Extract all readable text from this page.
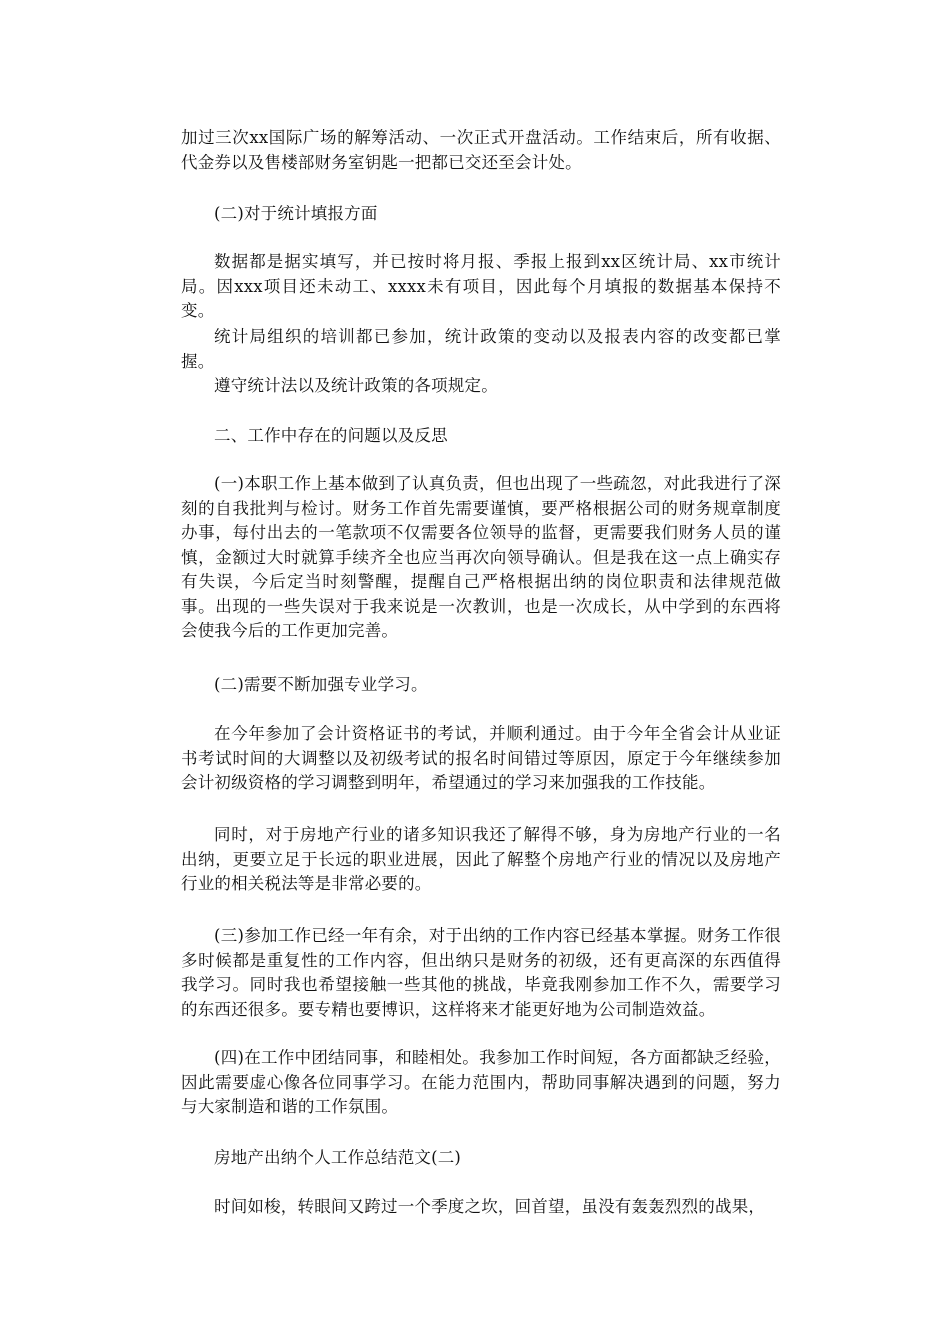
加过三次xx国际广场的解筹活动、一次正式开盘活动。工作结束后，所有收据、代金券以及售楼部财务室钥匙一把都已交还至会计处。

(二)对于统计填报方面

数据都是据实填写，并已按时将月报、季报上报到xx区统计局、xx市统计局。因xxx项目还未动工、xxxx未有项目，因此每个月填报的数据基本保持不变。

统计局组织的培训都已参加，统计政策的变动以及报表内容的改变都已掌握。

遵守统计法以及统计政策的各项规定。

二、工作中存在的问题以及反思

(一)本职工作上基本做到了认真负责，但也出现了一些疏忽，对此我进行了深刻的自我批判与检讨。财务工作首先需要谨慎，要严格根据公司的财务规章制度办事，每付出去的一笔款项不仅需要各位领导的监督，更需要我们财务人员的谨慎，金额过大时就算手续齐全也应当再次向领导确认。但是我在这一点上确实存有失误，今后定当时刻警醒，提醒自己严格根据出纳的岗位职责和法律规范做事。出现的一些失误对于我来说是一次教训，也是一次成长，从中学到的东西将会使我今后的工作更加完善。

(二)需要不断加强专业学习。

在今年参加了会计资格证书的考试，并顺利通过。由于今年全省会计从业证书考试时间的大调整以及初级考试的报名时间错过等原因，原定于今年继续参加会计初级资格的学习调整到明年，希望通过的学习来加强我的工作技能。

同时，对于房地产行业的诸多知识我还了解得不够，身为房地产行业的一名出纳，更要立足于长远的职业进展，因此了解整个房地产行业的情况以及房地产行业的相关税法等是非常必要的。

(三)参加工作已经一年有余，对于出纳的工作内容已经基本掌握。财务工作很多时候都是重复性的工作内容，但出纳只是财务的初级，还有更高深的东西值得我学习。同时我也希望接触一些其他的挑战，毕竟我刚参加工作不久，需要学习的东西还很多。要专精也要博识，这样将来才能更好地为公司制造效益。

(四)在工作中团结同事，和睦相处。我参加工作时间短，各方面都缺乏经验，因此需要虚心像各位同事学习。在能力范围内，帮助同事解决遇到的问题，努力与大家制造和谐的工作氛围。

房地产出纳个人工作总结范文(二)

时间如梭，转眼间又跨过一个季度之坎，回首望，虽没有轰轰烈烈的战果，
